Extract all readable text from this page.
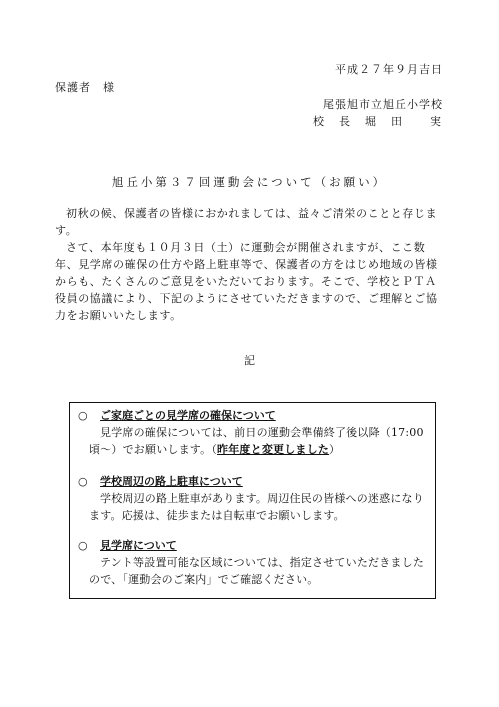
平成２７年９月吉日
保護者　様
尾張旭市立旭丘小学校
校　長　堀　田　　実
旭丘小第３７回運動会について（お願い）

初秋の候、保護者の皆様におかれましては、益々ご清栄のことと存じます。

さて、本年度も１０月３日（土）に運動会が開催されますが、ここ数年、見学席の確保の仕方や路上駐車等で、保護者の方をはじめ地域の皆様からも、たくさんのご意見をいただいております。そこで、学校とＰＴＡ役員の協議により、下記のようにさせていただきますので、ご理解とご協力をお願いいたします。

記
○ ご家庭ごとの見学席の確保について

見学席の確保については、前日の運動会準備終了後以降（17:00 頃〜）でお願いします。（昨年度と変更しました）

○ 学校周辺の路上駐車について

学校周辺の路上駐車があります。周辺住民の皆様への迷惑になります。応援は、徒歩または自転車でお願いします。

○ 見学席について

テント等設置可能な区域については、指定させていただきましたので、「運動会のご案内」でご確認ください。
